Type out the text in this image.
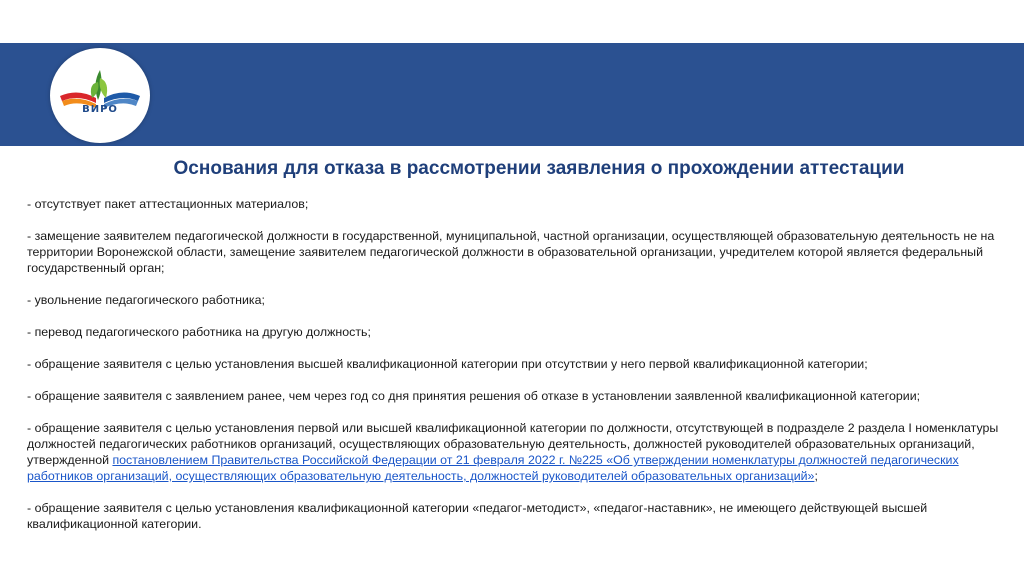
ВИРО
Основания для отказа в рассмотрении заявления о прохождении аттестации

- отсутствует пакет аттестационных материалов;

- замещение заявителем педагогической должности в государственной, муниципальной, частной организации, осуществляющей образовательную деятельность не на территории Воронежской области, замещение заявителем педагогической должности в образовательной организации, учредителем которой является федеральный государственный орган;

- увольнение педагогического работника;

- перевод педагогического работника на другую должность;

- обращение заявителя с целью установления высшей квалификационной категории при отсутствии у него первой квалификационной категории;

- обращение заявителя с заявлением ранее, чем через год со дня принятия решения об отказе в установлении заявленной квалификационной категории;

- обращение заявителя с целью установления первой или высшей квалификационной категории по должности, отсутствующей в подразделе 2 раздела I номенклатуры должностей педагогических работников организаций, осуществляющих образовательную деятельность, должностей руководителей образовательных организаций, утвержденной постановлением Правительства Российской Федерации от 21 февраля 2022 г. №225 «Об утверждении номенклатуры должностей педагогических работников организаций, осуществляющих образовательную деятельность, должностей руководителей образовательных организаций»;

- обращение заявителя с целью установления квалификационной категории «педагог-методист», «педагог-наставник», не имеющего действующей высшей квалификационной категории.
